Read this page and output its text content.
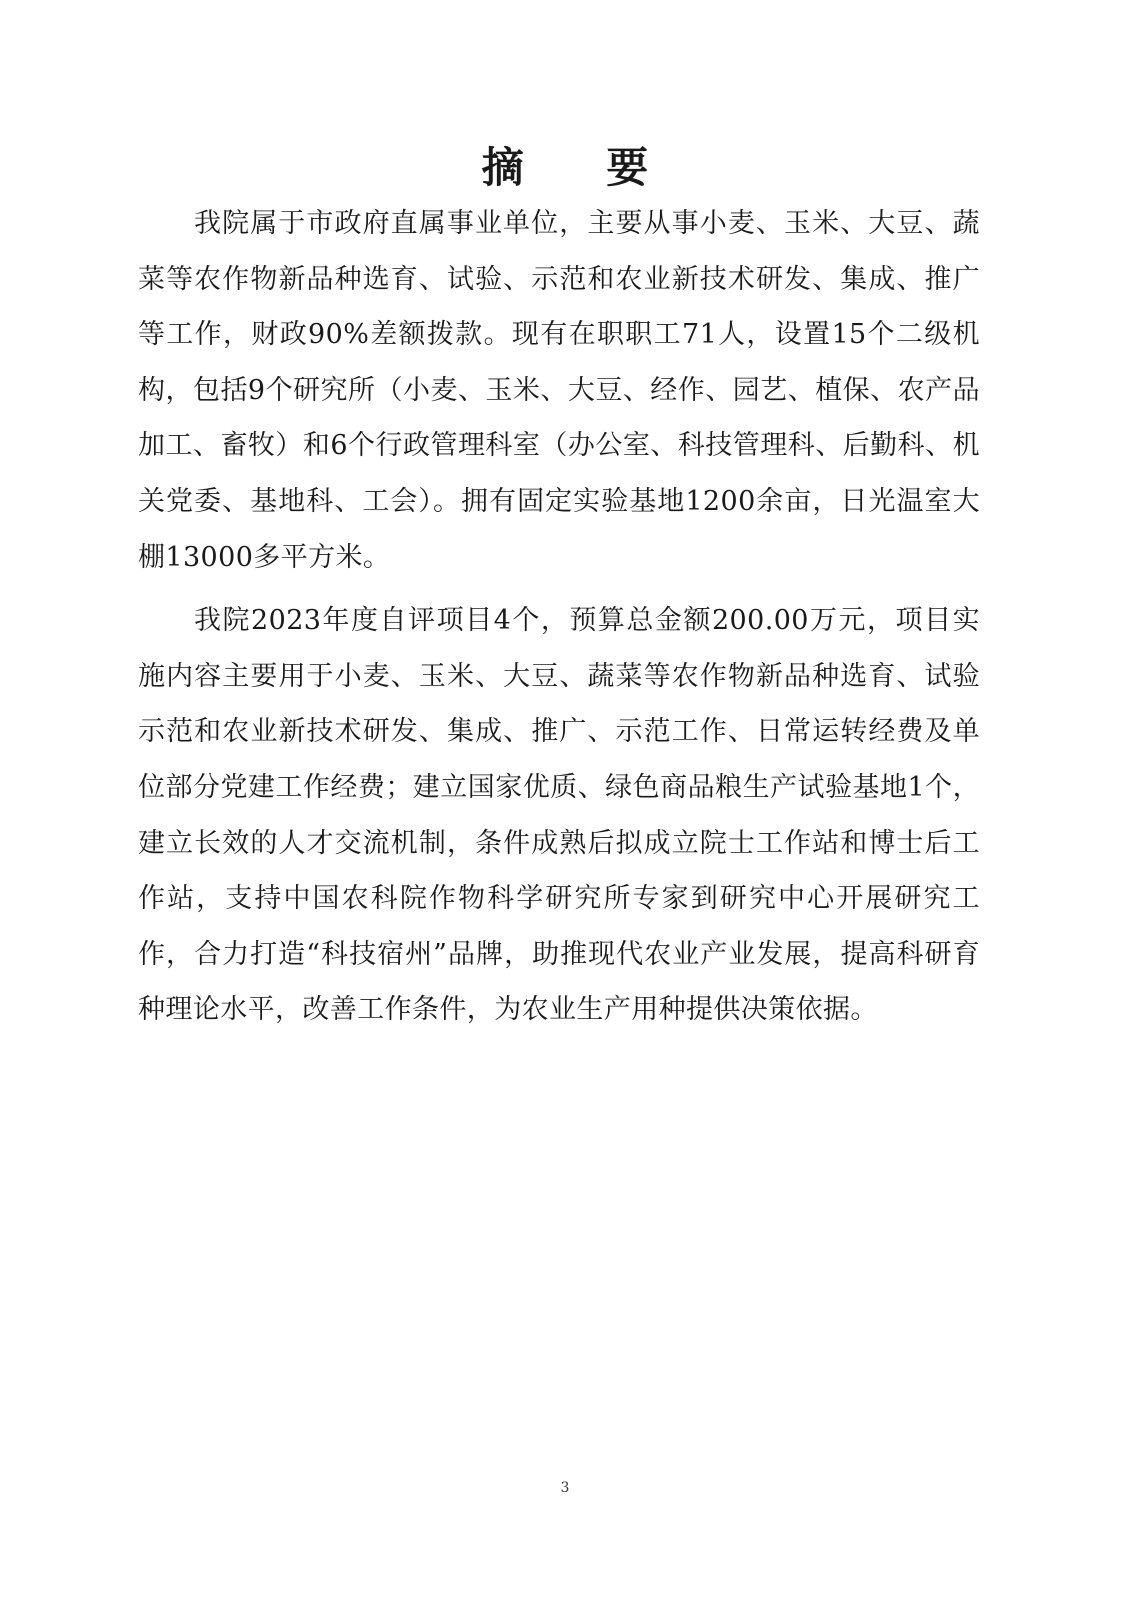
摘 要

我院属于市政府直属事业单位，主要从事小麦、玉米、大豆、蔬菜等农作物新品种选育、试验、示范和农业新技术研发、集成、推广等工作，财政90%差额拨款。现有在职职工71人，设置15个二级机构，包括9个研究所（小麦、玉米、大豆、经作、园艺、植保、农产品加工、畜牧）和6个行政管理科室（办公室、科技管理科、后勤科、机关党委、基地科、工会）。拥有固定实验基地1200余亩，日光温室大棚13000多平方米。

我院2023年度自评项目4个，预算总金额200.00万元，项目实施内容主要用于小麦、玉米、大豆、蔬菜等农作物新品种选育、试验示范和农业新技术研发、集成、推广、示范工作、日常运转经费及单位部分党建工作经费；建立国家优质、绿色商品粮生产试验基地1个，建立长效的人才交流机制，条件成熟后拟成立院士工作站和博士后工作站，支持中国农科院作物科学研究所专家到研究中心开展研究工作，合力打造“科技宿州”品牌，助推现代农业产业发展，提高科研育种理论水平，改善工作条件，为农业生产用种提供决策依据。

3
